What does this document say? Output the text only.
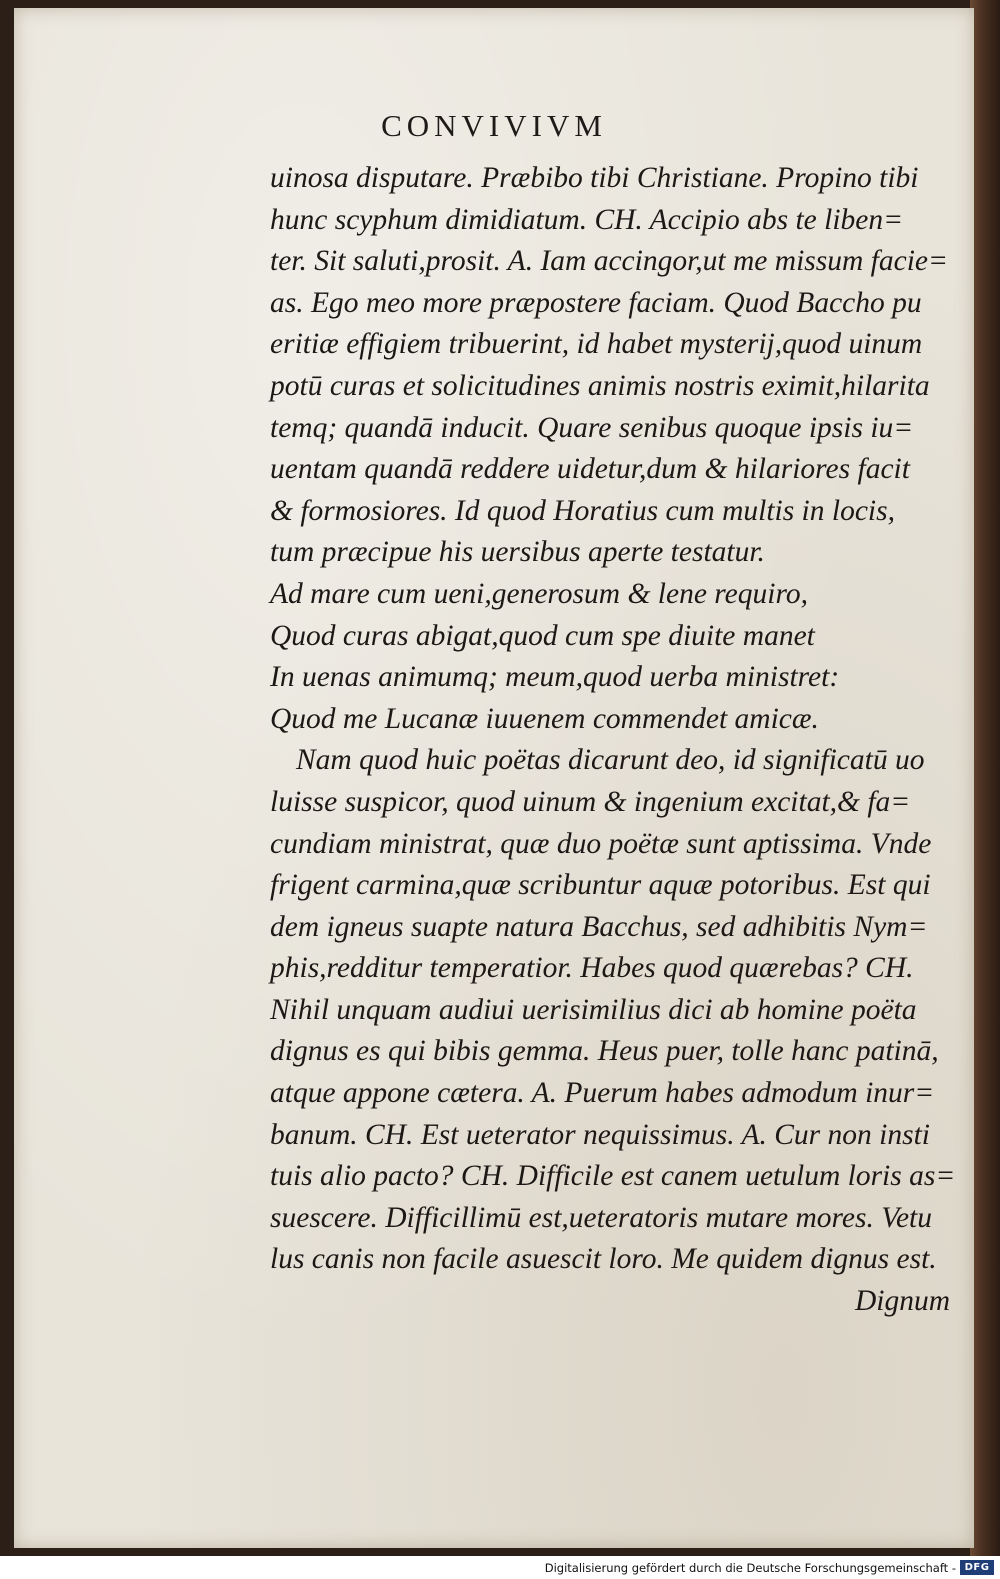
CONVIVIVM
uinosa disputare. Præbibo tibi Christiane. Propino tibi
hunc scyphum dimidiatum. CH. Accipio abs te liben=
ter. Sit saluti,prosit. A. Iam accingor,ut me missum facie=
as. Ego meo more præpostere faciam. Quod Baccho pu
eritiæ effigiem tribuerint, id habet mysterij,quod uinum
potū curas et solicitudines animis nostris eximit,hilarita
temq; quandā inducit. Quare senibus quoque ipsis iu=
uentam quandā reddere uidetur,dum & hilariores facit
& formosiores. Id quod Horatius cum multis in locis,
tum præcipue his uersibus aperte testatur.
Ad mare cum ueni,generosum & lene requiro,
Quod curas abigat,quod cum spe diuite manet
In uenas animumq; meum,quod uerba ministret:
Quod me Lucanæ iuuenem commendet amicæ.
Nam quod huic poëtas dicarunt deo, id significatū uo
luisse suspicor, quod uinum & ingenium excitat,& fa=
cundiam ministrat, quæ duo poëtæ sunt aptissima. Vnde
frigent carmina,quæ scribuntur aquæ potoribus. Est qui
dem igneus suapte natura Bacchus, sed adhibitis Nym=
phis,redditur temperatior. Habes quod quærebas? CH.
Nihil unquam audiui uerisimilius dici ab homine poëta
dignus es qui bibis gemma. Heus puer, tolle hanc patinā,
atque appone cætera. A. Puerum habes admodum inur=
banum. CH. Est ueterator nequissimus. A. Cur non insti
tuis alio pacto? CH. Difficile est canem uetulum loris as=
suescere. Difficillimū est,ueteratoris mutare mores. Vetu
lus canis non facile asuescit loro. Me quidem dignus est.
Dignum
Digitalisierung gefördert durch die Deutsche Forschungsgemeinschaft - DFG
